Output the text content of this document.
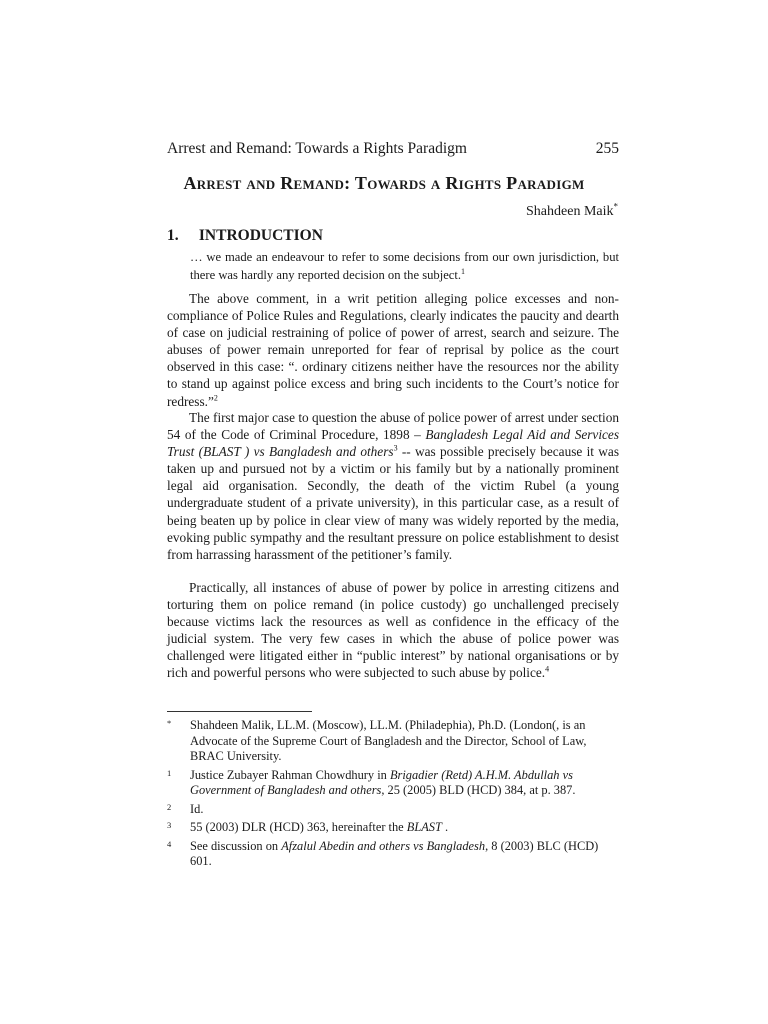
Arrest and Remand: Towards a Rights Paradigm	255
Arrest and Remand: Towards a Rights Paradigm
Shahdeen Maik*
1. INTRODUCTION
… we made an endeavour to refer to some decisions from our own jurisdiction, but there was hardly any reported decision on the subject.$^1$

The above comment, in a writ petition alleging police excesses and non-compliance of Police Rules and Regulations, clearly indicates the paucity and dearth of case on judicial restraining of police of power of arrest, search and seizure. The abuses of power remain unreported for fear of reprisal by police as the court observed in this case: “. ordinary citizens neither have the resources nor the ability to stand up against police excess and bring such incidents to the Court’s notice for redress.”$^2$

The first major case to question the abuse of police power of arrest under section 54 of the Code of Criminal Procedure, 1898 – Bangladesh Legal Aid and Services Trust (BLAST ) vs Bangladesh and others$^3$ -- was possible precisely because it was taken up and pursued not by a victim or his family but by a nationally prominent legal aid organisation. Secondly, the death of the victim Rubel (a young undergraduate student of a private university), in this particular case, as a result of being beaten up by police in clear view of many was widely reported by the media, evoking public sympathy and the resultant pressure on police establishment to desist from harrassing harassment of the petitioner’s family.

Practically, all instances of abuse of power by police in arresting citizens and torturing them on police remand (in police custody) go unchallenged precisely because victims lack the resources as well as confidence in the efficacy of the judicial system. The very few cases in which the abuse of police power was challenged were litigated either in “public interest” by national organisations or by rich and powerful persons who were subjected to such abuse by police.$^4$

*	Shahdeen Malik, LL.M. (Moscow), LL.M. (Philadephia), Ph.D. (London(, is an Advocate of the Supreme Court of Bangladesh and the Director, School of Law, BRAC University.
1	Justice Zubayer Rahman Chowdhury in Brigadier (Retd) A.H.M. Abdullah vs Government of Bangladesh and others, 25 (2005) BLD (HCD) 384, at p. 387.
2	Id.
3	55 (2003) DLR (HCD) 363, hereinafter the BLAST .
4	See discussion on Afzalul Abedin and others vs Bangladesh, 8 (2003) BLC (HCD) 601.
